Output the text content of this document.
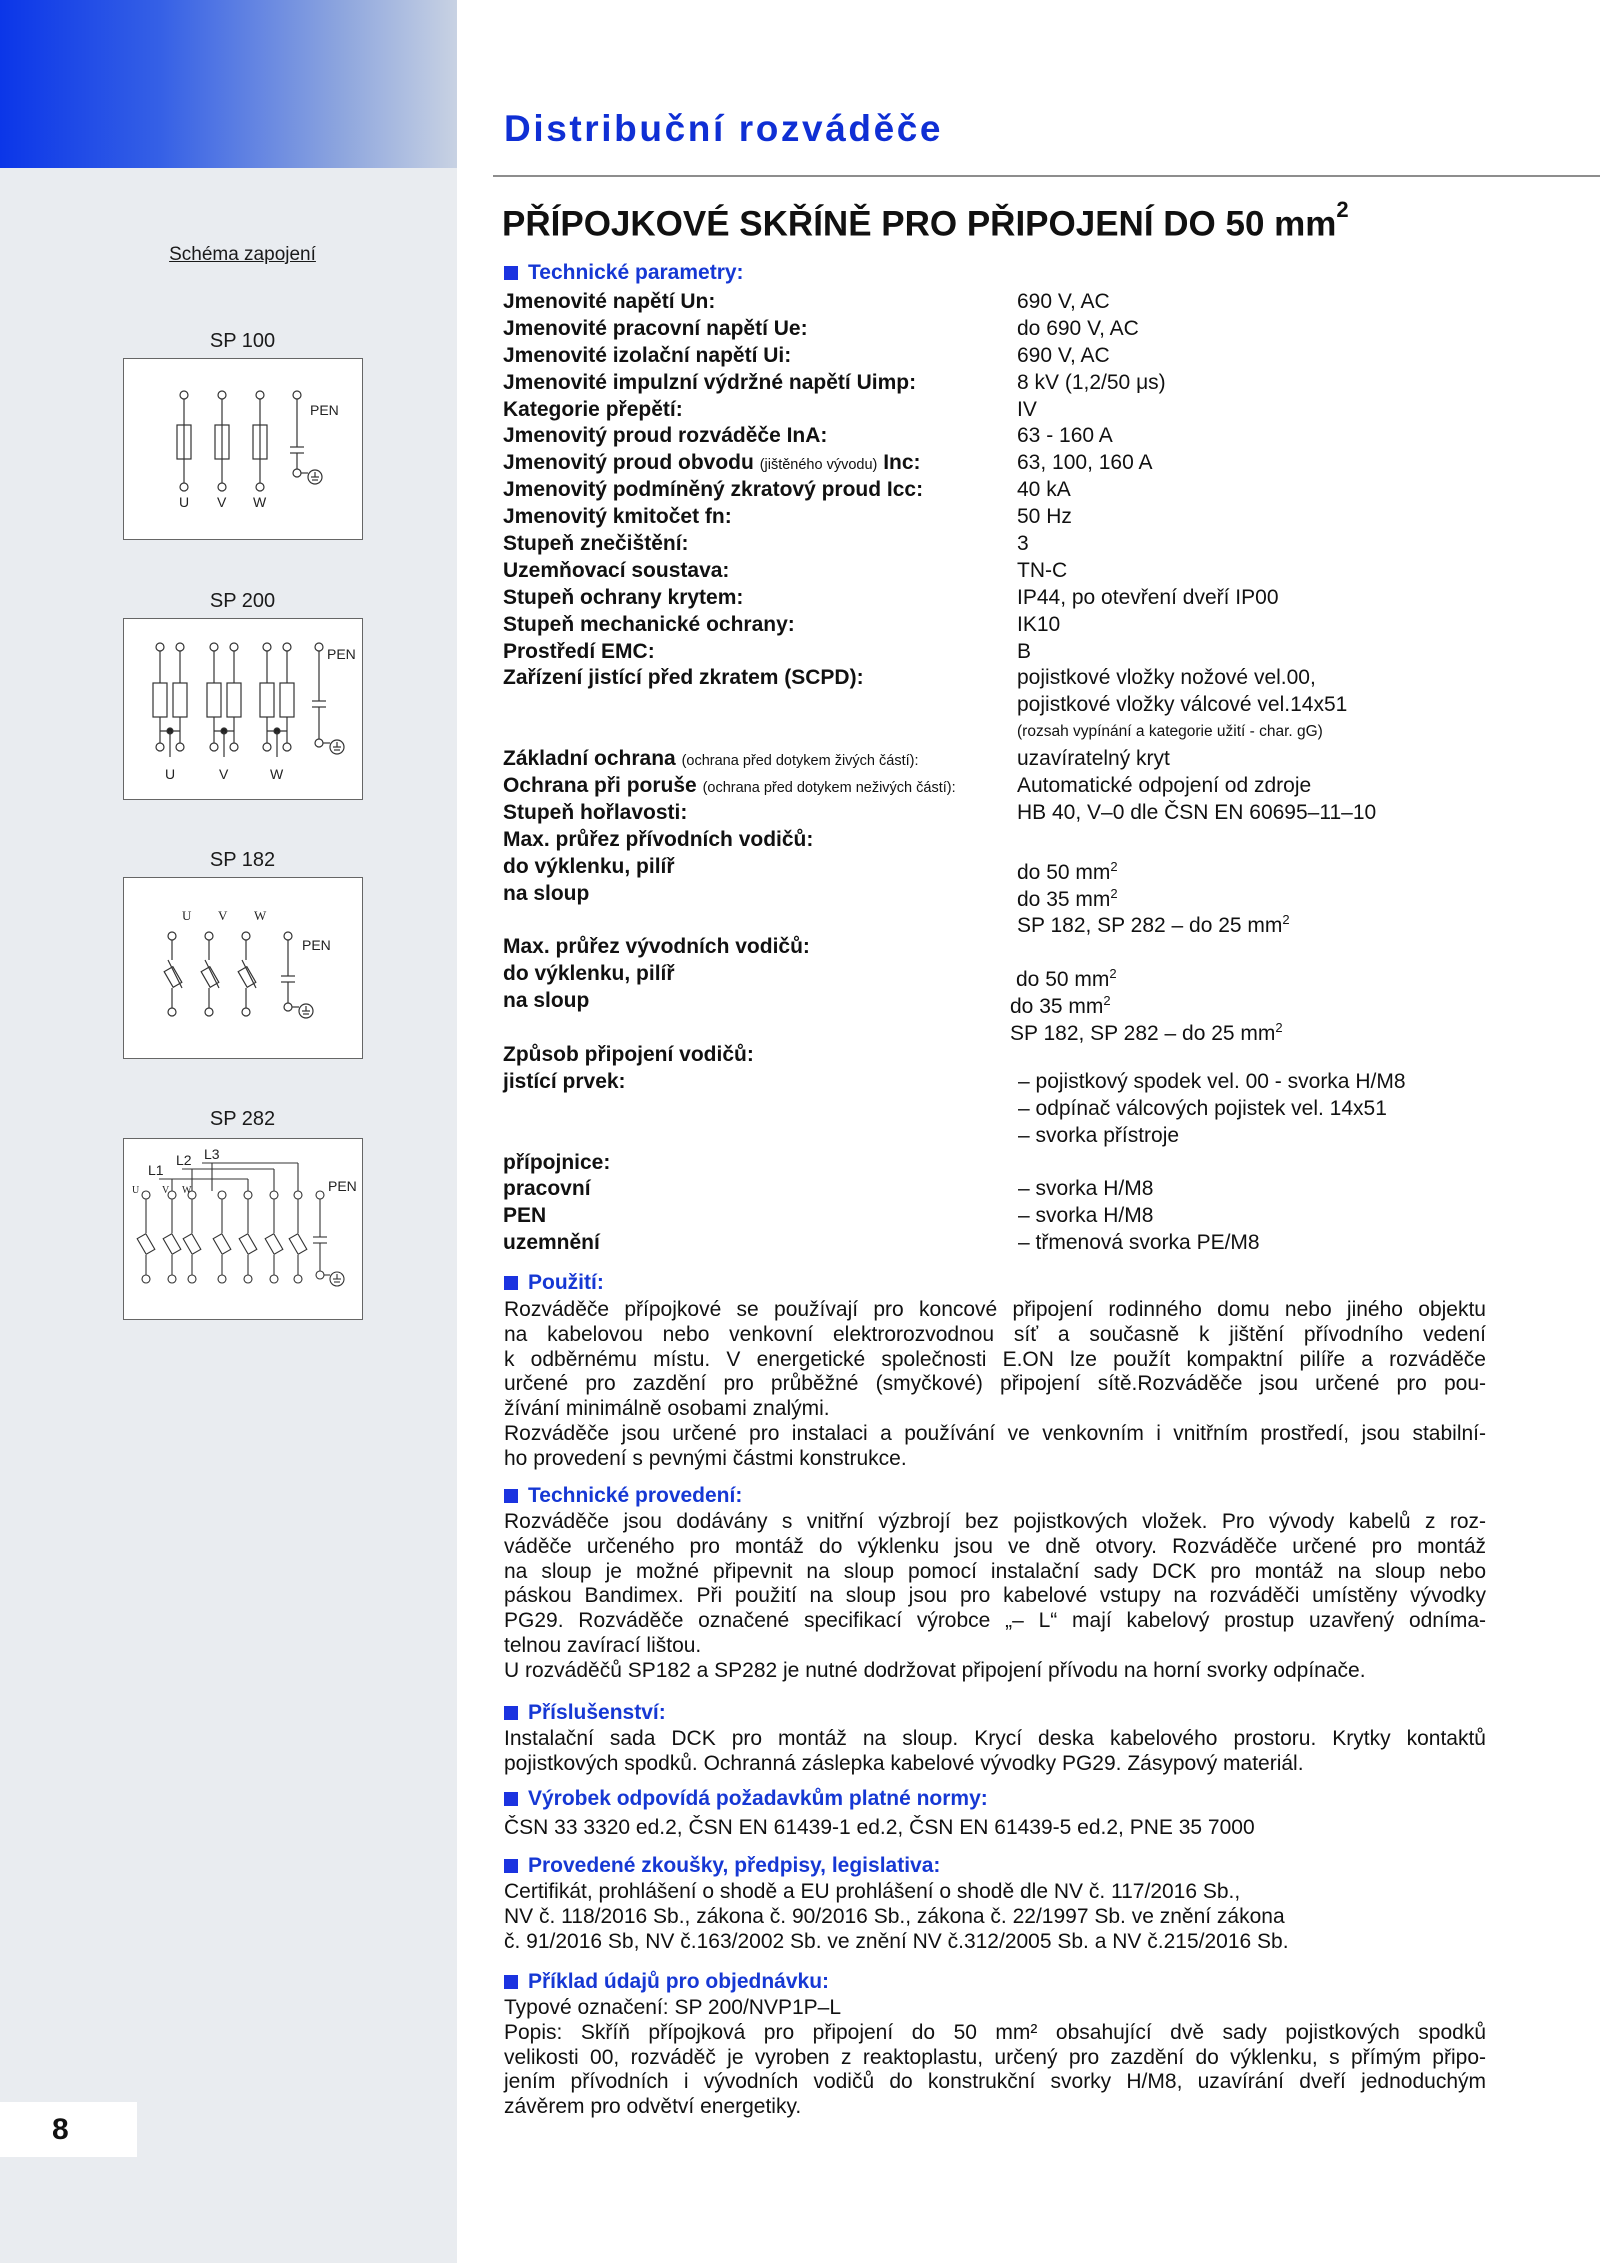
Schéma zapojení
SP 100
U V W
PEN
SP 200
U	V	W
PEN
SP 182
U V W
PEN
SP 282
L1
L2 L3
PEN
U V W
8
Distribuční rozváděče
PŘÍPOJKOVÉ SKŘÍNĚ PRO PŘIPOJENÍ DO 50 $mm^2$
Technické parametry:
Jmenovité napětí Un:	690 V, AC
Jmenovité pracovní napětí Ue:	do 690 V, AC
Jmenovité izolační napětí Ui:	690 V, AC
Jmenovité impulzní výdržné napětí Uimp:	8 kV (1,2/50 μs)
Kategorie přepětí:	IV
Jmenovitý proud rozváděče InA:	63 - 160 A
Jmenovitý proud obvodu (jištěného vývodu) Inc:	63, 100, 160 A
Jmenovitý podmíněný zkratový proud Icc:	40 kA
Jmenovitý kmitočet fn:	50 Hz
Stupeň znečištění:	3
Uzemňovací soustava:	TN-C
Stupeň ochrany krytem:	IP44, po otevření dveří IP00
Stupeň mechanické ochrany:	IK10
Prostředí EMC:	B
Zařízení jistící před zkratem (SCPD):	pojistkové vložky nožové vel.00,
pojistkové vložky válcové vel.14x51
(rozsah vypínání a kategorie užití - char. gG)
Základní ochrana (ochrana před dotykem živých částí):	uzavíratelný kryt
Ochrana při poruše (ochrana před dotykem neživých částí):	Automatické odpojení od zdroje
Stupeň hořlavosti:	HB 40, V–0 dle ČSN EN 60695–11–10
Max. průřez přívodních vodičů:
do výklenku, pilíř	do 50 $mm^2$
na sloup	do 35 $mm^2$
SP 182, SP 282 – do 25 $mm^2$
Max. průřez vývodních vodičů:
do výklenku, pilíř	do 50 $mm^2$
na sloup	do 35 $mm^2$
SP 182, SP 282 – do 25 $mm^2$
Způsob připojení vodičů:
jistící prvek:	– pojistkový spodek vel. 00 - svorka H/M8
– odpínač válcových pojistek vel. 14x51
– svorka přístroje
přípojnice:
pracovní	– svorka H/M8
PEN	– svorka H/M8
uzemnění	– třmenová svorka PE/M8
Použití:
Rozváděče přípojkové se používají pro koncové připojení rodinného domu nebo jiného objektu
na kabelovou nebo venkovní elektrorozvodnou síť a současně k jištění přívodního vedení
k odběrnému místu. V energetické společnosti E.ON lze použít kompaktní pilíře a rozváděče
určené pro zazdění pro průběžné (smyčkové) připojení sítě.Rozváděče jsou určené pro pou-
žívání minimálně osobami znalými.
Rozváděče jsou určené pro instalaci a používání ve venkovním i vnitřním prostředí, jsou stabilní-
ho provedení s pevnými částmi konstrukce.
Technické provedení:
Rozváděče jsou dodávány s vnitřní výzbrojí bez pojistkových vložek. Pro vývody kabelů z roz-
váděče určeného pro montáž do výklenku jsou ve dně otvory. Rozváděče určené pro montáž
na sloup je možné připevnit na sloup pomocí instalační sady DCK pro montáž na sloup nebo
páskou Bandimex. Při použití na sloup jsou pro kabelové vstupy na rozváděči umístěny vývodky
PG29. Rozváděče označené specifikací výrobce „– L“ mají kabelový prostup uzavřený odníma-
telnou zavírací lištou.
U rozváděčů SP182 a SP282 je nutné dodržovat připojení přívodu na horní svorky odpínače.
Příslušenství:
Instalační sada DCK pro montáž na sloup. Krycí deska kabelového prostoru. Krytky kontaktů
pojistkových spodků. Ochranná záslepka kabelové vývodky PG29. Zásypový materiál.
Výrobek odpovídá požadavkům platné normy:
ČSN 33 3320 ed.2, ČSN EN 61439-1 ed.2, ČSN EN 61439-5 ed.2, PNE 35 7000
Provedené zkoušky, předpisy, legislativa:
Certifikát, prohlášení o shodě a EU prohlášení o shodě dle NV č. 117/2016 Sb.,
NV č. 118/2016 Sb., zákona č. 90/2016 Sb., zákona č. 22/1997 Sb. ve znění zákona
č. 91/2016 Sb, NV č.163/2002 Sb. ve znění NV č.312/2005 Sb. a NV č.215/2016 Sb.
Příklad údajů pro objednávku:
Typové označení: SP 200/NVP1P–L
Popis: Skříň přípojková pro připojení do 50 mm² obsahující dvě sady pojistkových spodků
velikosti 00, rozváděč je vyroben z reaktoplastu, určený pro zazdění do výklenku, s přímým připo-
jením přívodních i vývodních vodičů do konstrukční svorky H/M8, uzavírání dveří jednoduchým
závěrem pro odvětví energetiky.
